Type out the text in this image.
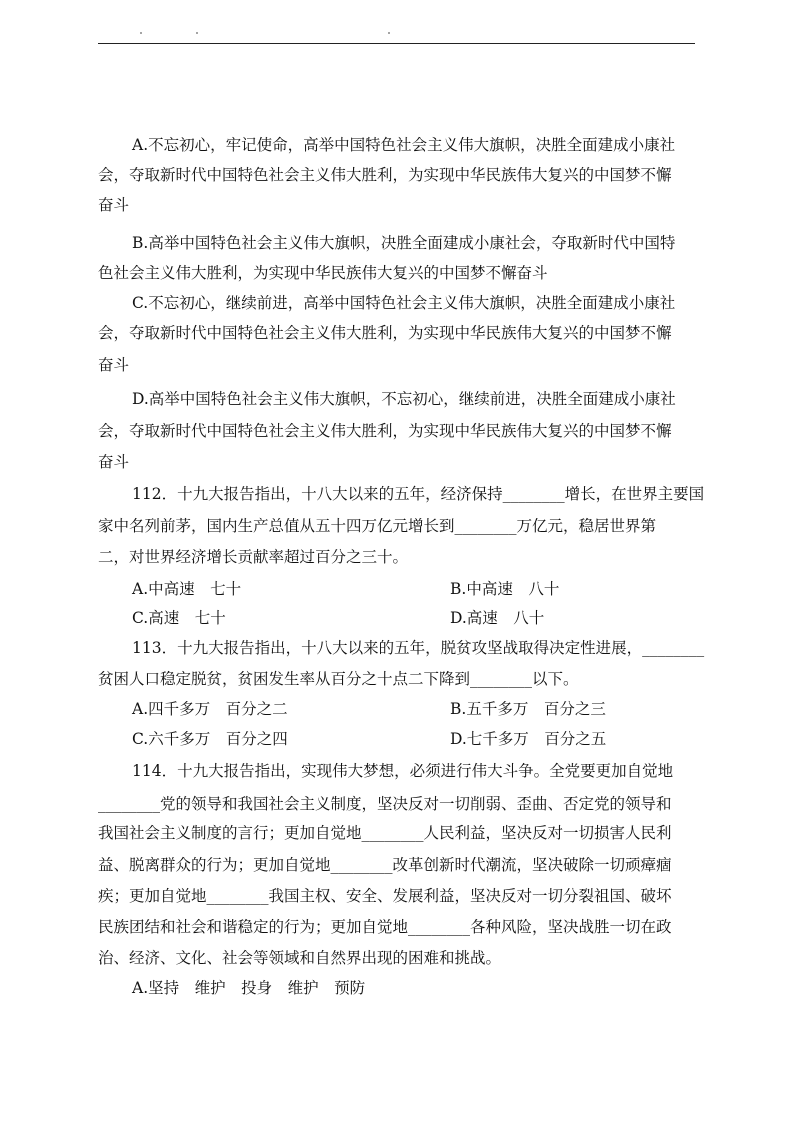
A.不忘初心，牢记使命，高举中国特色社会主义伟大旗帜，决胜全面建成小康社
会，夺取新时代中国特色社会主义伟大胜利，为实现中华民族伟大复兴的中国梦不懈
奋斗
B.高举中国特色社会主义伟大旗帜，决胜全面建成小康社会，夺取新时代中国特
色社会主义伟大胜利，为实现中华民族伟大复兴的中国梦不懈奋斗
C.不忘初心，继续前进，高举中国特色社会主义伟大旗帜，决胜全面建成小康社
会，夺取新时代中国特色社会主义伟大胜利，为实现中华民族伟大复兴的中国梦不懈
奋斗
D.高举中国特色社会主义伟大旗帜，不忘初心，继续前进，决胜全面建成小康社
会，夺取新时代中国特色社会主义伟大胜利，为实现中华民族伟大复兴的中国梦不懈
奋斗
112．十九大报告指出，十八大以来的五年，经济保持________增长，在世界主要国
家中名列前茅，国内生产总值从五十四万亿元增长到________万亿元，稳居世界第
二，对世界经济增长贡献率超过百分之三十。
A.中高速　七十	B.中高速　八十
C.高速　七十	D.高速　八十
113．十九大报告指出，十八大以来的五年，脱贫攻坚战取得决定性进展，________
贫困人口稳定脱贫，贫困发生率从百分之十点二下降到________以下。
A.四千多万　百分之二	B.五千多万　百分之三
C.六千多万　百分之四	D.七千多万　百分之五
114．十九大报告指出，实现伟大梦想，必须进行伟大斗争。全党要更加自觉地
________党的领导和我国社会主义制度，坚决反对一切削弱、歪曲、否定党的领导和
我国社会主义制度的言行；更加自觉地________人民利益，坚决反对一切损害人民利
益、脱离群众的行为；更加自觉地________改革创新时代潮流，坚决破除一切顽瘴痼
疾；更加自觉地________我国主权、安全、发展利益，坚决反对一切分裂祖国、破坏
民族团结和社会和谐稳定的行为；更加自觉地________各种风险，坚决战胜一切在政
治、经济、文化、社会等领域和自然界出现的困难和挑战。
A.坚持　维护　投身　维护　预防
